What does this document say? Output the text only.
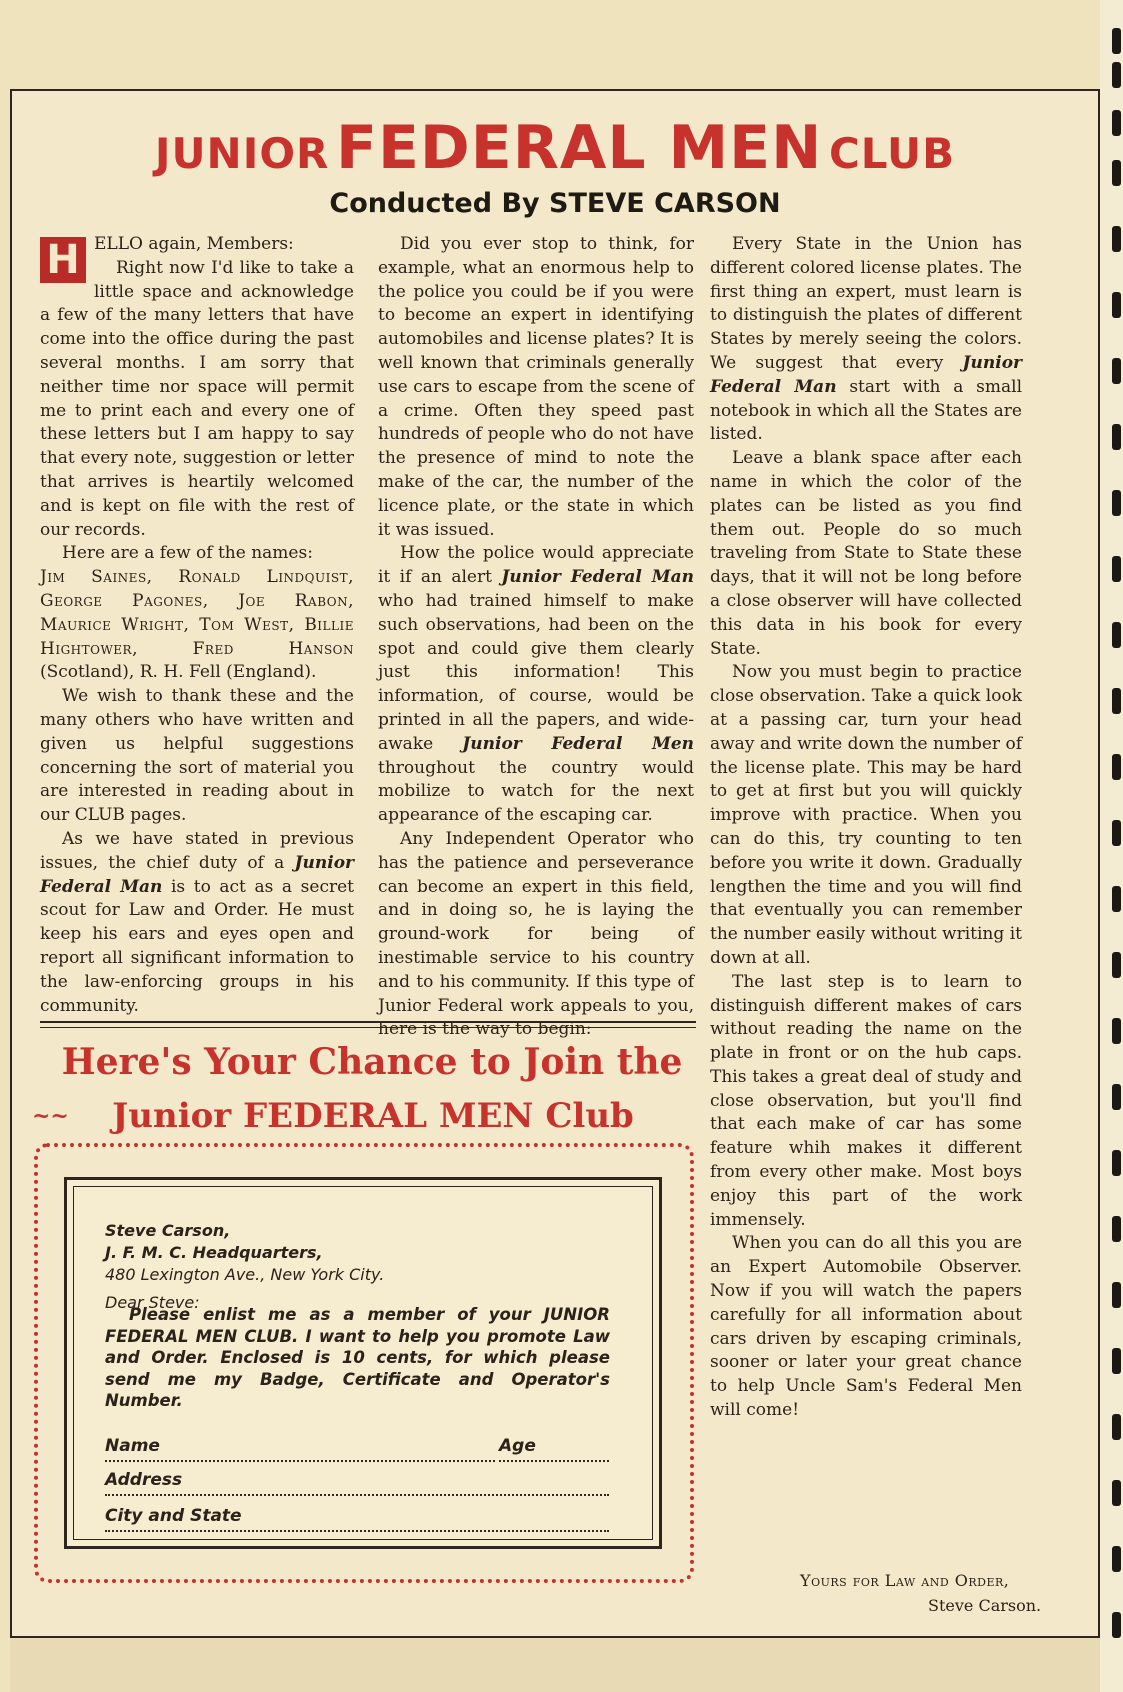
JUNIOR FEDERAL MEN CLUB
Conducted By STEVE CARSON
H ELLO again, Members:

Right now I'd like to take a little space and acknowledge a few of the many letters that have come into the office during the past several months. I am sorry that neither time nor space will permit me to print each and every one of these letters but I am happy to say that every note, suggestion or letter that arrives is heartily welcomed and is kept on file with the rest of our records.

Here are a few of the names:

Jim Saines, Ronald Lindquist, George Pagones, Joe Rabon, Maurice Wright, Tom West, Billie Hightower, Fred Hanson (Scotland), R. H. Fell (England).

We wish to thank these and the many others who have written and given us helpful suggestions concerning the sort of material you are interested in reading about in our CLUB pages.

As we have stated in previous issues, the chief duty of a Junior Federal Man is to act as a secret scout for Law and Order. He must keep his ears and eyes open and report all significant information to the law-enforcing groups in his community.

Did you ever stop to think, for example, what an enormous help to the police you could be if you were to become an expert in identifying automobiles and license plates? It is well known that criminals generally use cars to escape from the scene of a crime. Often they speed past hundreds of people who do not have the presence of mind to note the make of the car, the number of the licence plate, or the state in which it was issued.

How the police would appreciate it if an alert Junior Federal Man who had trained himself to make such observations, had been on the spot and could give them clearly just this information! This information, of course, would be printed in all the papers, and wide-awake Junior Federal Men throughout the country would mobilize to watch for the next appearance of the escaping car.

Any Independent Operator who has the patience and perseverance can become an expert in this field, and in doing so, he is laying the ground-work for being of inestimable service to his country and to his community. If this type of Junior Federal work appeals to you, here is the way to begin:

Every State in the Union has different colored license plates. The first thing an expert, must learn is to distinguish the plates of different States by merely seeing the colors. We suggest that every Junior Federal Man start with a small notebook in which all the States are listed.

Leave a blank space after each name in which the color of the plates can be listed as you find them out. People do so much traveling from State to State these days, that it will not be long before a close observer will have collected this data in his book for every State.

Now you must begin to practice close observation. Take a quick look at a passing car, turn your head away and write down the number of the license plate. This may be hard to get at first but you will quickly improve with practice. When you can do this, try counting to ten before you write it down. Gradually lengthen the time and you will find that eventually you can remember the number easily without writing it down at all.

The last step is to learn to distinguish different makes of cars without reading the name on the plate in front or on the hub caps. This takes a great deal of study and close observation, but you'll find that each make of car has some feature whih makes it different from every other make. Most boys enjoy this part of the work immensely.

When you can do all this you are an Expert Automobile Observer. Now if you will watch the papers carefully for all information about cars driven by escaping criminals, sooner or later your great chance to help Uncle Sam's Federal Men will come!

Yours for Law and Order,
Steve Carson.
Here's Your Chance to Join the
~~	Junior FEDERAL MEN Club
Steve Carson,
J. F. M. C. Headquarters,
480 Lexington Ave., New York City.
Dear Steve:
Please enlist me as a member of your JUNIOR FEDERAL MEN CLUB. I want to help you promote Law and Order. Enclosed is 10 cents, for which please send me my Badge, Certificate and Operator's Number.
Name	Age
Address
City and State
